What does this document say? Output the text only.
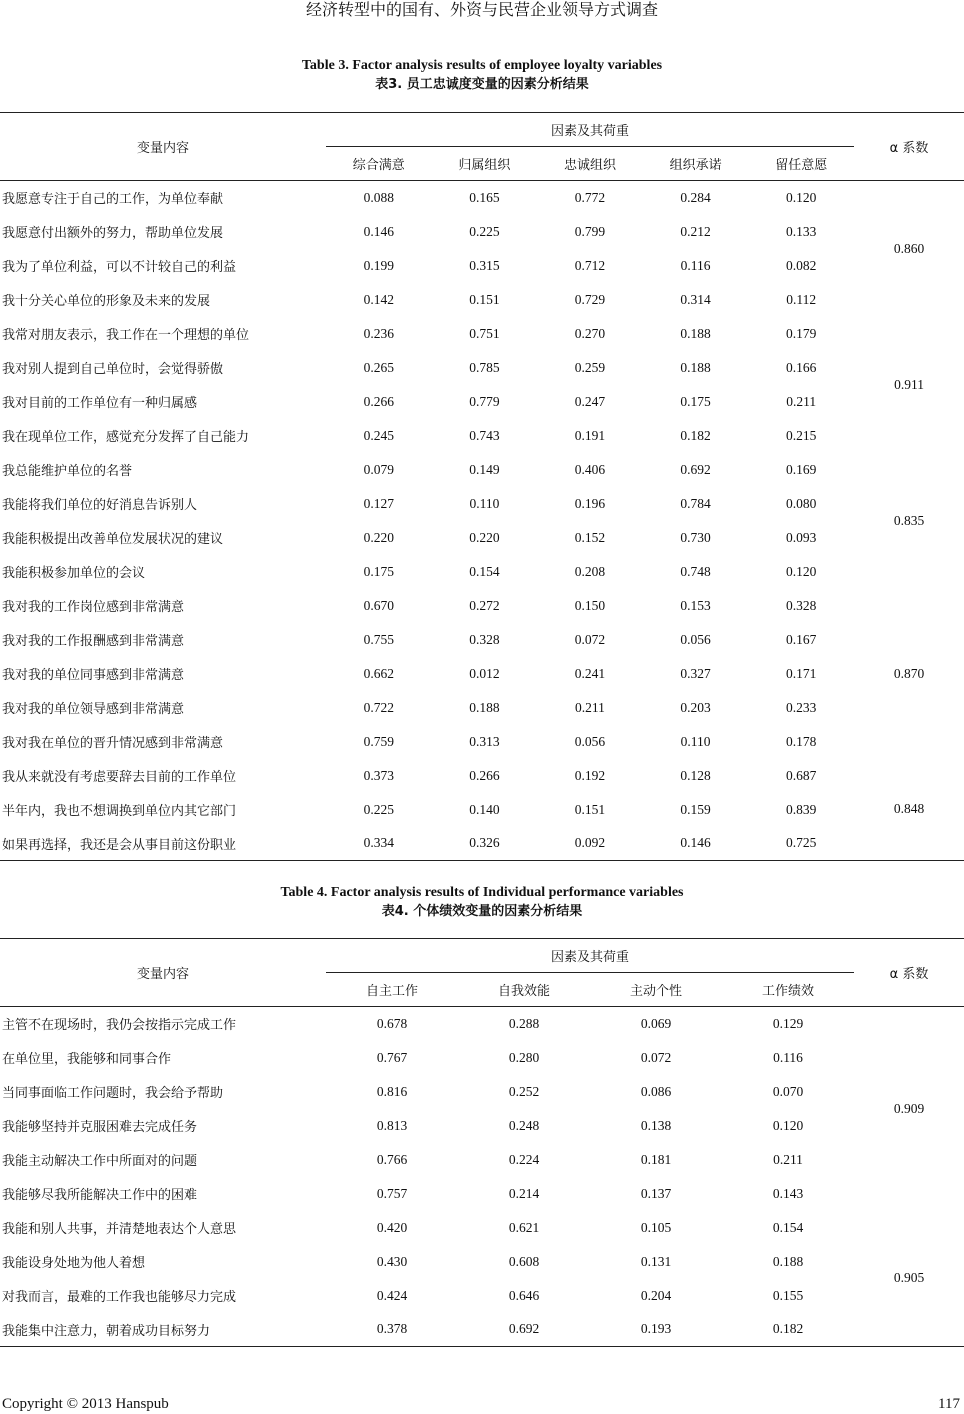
经济转型中的国有、外资与民营企业领导方式调查
Table 3. Factor analysis results of employee loyalty variables
表3. 员工忠诚度变量的因素分析结果
变量内容	因素及其荷重					α 系数
	综合满意	归属组织	忠诚组织	组织承诺	留任意愿	
我愿意专注于自己的工作，为单位奉献	0.088	0.165	0.772	0.284	0.120	0.860
我愿意付出额外的努力，帮助单位发展	0.146	0.225	0.799	0.212	0.133	
我为了单位利益，可以不计较自己的利益	0.199	0.315	0.712	0.116	0.082	
我十分关心单位的形象及未来的发展	0.142	0.151	0.729	0.314	0.112	
我常对朋友表示，我工作在一个理想的单位	0.236	0.751	0.270	0.188	0.179	0.911
我对别人提到自己单位时，会觉得骄傲	0.265	0.785	0.259	0.188	0.166	
我对目前的工作单位有一种归属感	0.266	0.779	0.247	0.175	0.211	
我在现单位工作，感觉充分发挥了自己能力	0.245	0.743	0.191	0.182	0.215	
我总能维护单位的名誉	0.079	0.149	0.406	0.692	0.169	0.835
我能将我们单位的好消息告诉别人	0.127	0.110	0.196	0.784	0.080	
我能积极提出改善单位发展状况的建议	0.220	0.220	0.152	0.730	0.093	
我能积极参加单位的会议	0.175	0.154	0.208	0.748	0.120	
我对我的工作岗位感到非常满意	0.670	0.272	0.150	0.153	0.328	0.870
我对我的工作报酬感到非常满意	0.755	0.328	0.072	0.056	0.167	
我对我的单位同事感到非常满意	0.662	0.012	0.241	0.327	0.171	
我对我的单位领导感到非常满意	0.722	0.188	0.211	0.203	0.233	
我对我在单位的晋升情况感到非常满意	0.759	0.313	0.056	0.110	0.178	
我从来就没有考虑要辞去目前的工作单位	0.373	0.266	0.192	0.128	0.687	0.848
半年内，我也不想调换到单位内其它部门	0.225	0.140	0.151	0.159	0.839	
如果再选择，我还是会从事目前这份职业	0.334	0.326	0.092	0.146	0.725	
Table 4. Factor analysis results of Individual performance variables
表4. 个体绩效变量的因素分析结果
变量内容	因素及其荷重				α 系数
	自主工作	自我效能	主动个性	工作绩效	
主管不在现场时，我仍会按指示完成工作	0.678	0.288	0.069	0.129	0.909
在单位里，我能够和同事合作	0.767	0.280	0.072	0.116	
当同事面临工作问题时，我会给予帮助	0.816	0.252	0.086	0.070	
我能够坚持并克服困难去完成任务	0.813	0.248	0.138	0.120	
我能主动解决工作中所面对的问题	0.766	0.224	0.181	0.211	
我能够尽我所能解决工作中的困难	0.757	0.214	0.137	0.143	
我能和别人共事，并清楚地表达个人意思	0.420	0.621	0.105	0.154	0.905
我能设身处地为他人着想	0.430	0.608	0.131	0.188	
对我而言，最难的工作我也能够尽力完成	0.424	0.646	0.204	0.155	
我能集中注意力，朝着成功目标努力	0.378	0.692	0.193	0.182	
Copyright © 2013 Hanspub	117
